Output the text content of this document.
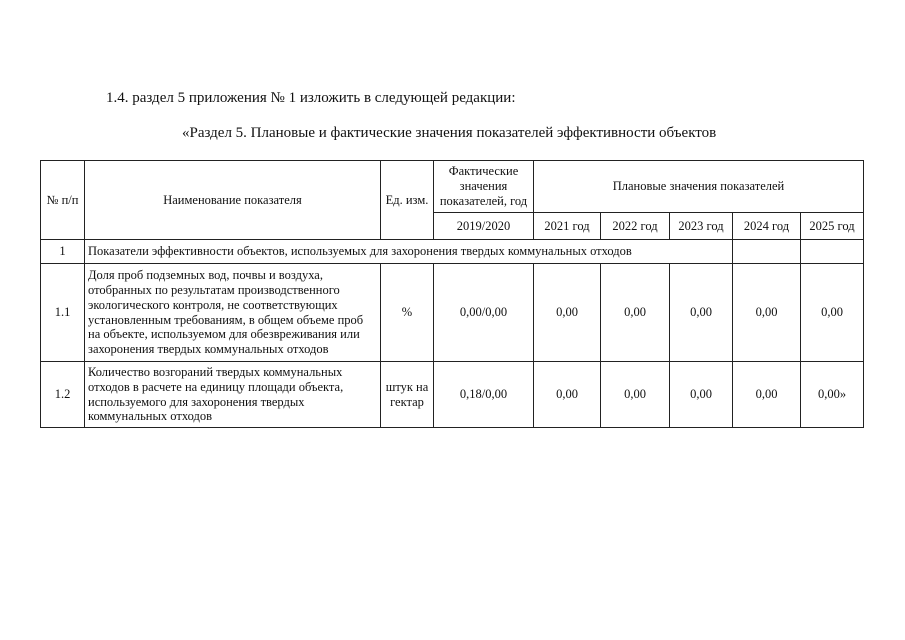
1.4. раздел 5 приложения № 1 изложить в следующей редакции:

«Раздел 5. Плановые и фактические значения показателей эффективности объектов

№ п/п	Наименование показателя	Ед. изм.	Фактические значения показателей, год	Плановые значения показателей				
			2019/2020	2021 год	2022 год	2023 год	2024 год	2025 год
1	Показатели эффективности объектов, используемых для захоронения твердых коммунальных отходов							
1.1	Доля проб подземных вод, почвы и воздуха, отобранных по результатам производственного экологического контроля, не соответствующих установленным требованиям, в общем объеме проб на объекте, используемом для обезвреживания или захоронения твердых коммунальных отходов	%	0,00/0,00	0,00	0,00	0,00	0,00	0,00
1.2	Количество возгораний твердых коммунальных отходов в расчете на единицу площади объекта, используемого для захоронения твердых коммунальных отходов	штук на гектар	0,18/0,00	0,00	0,00	0,00	0,00	0,00»
